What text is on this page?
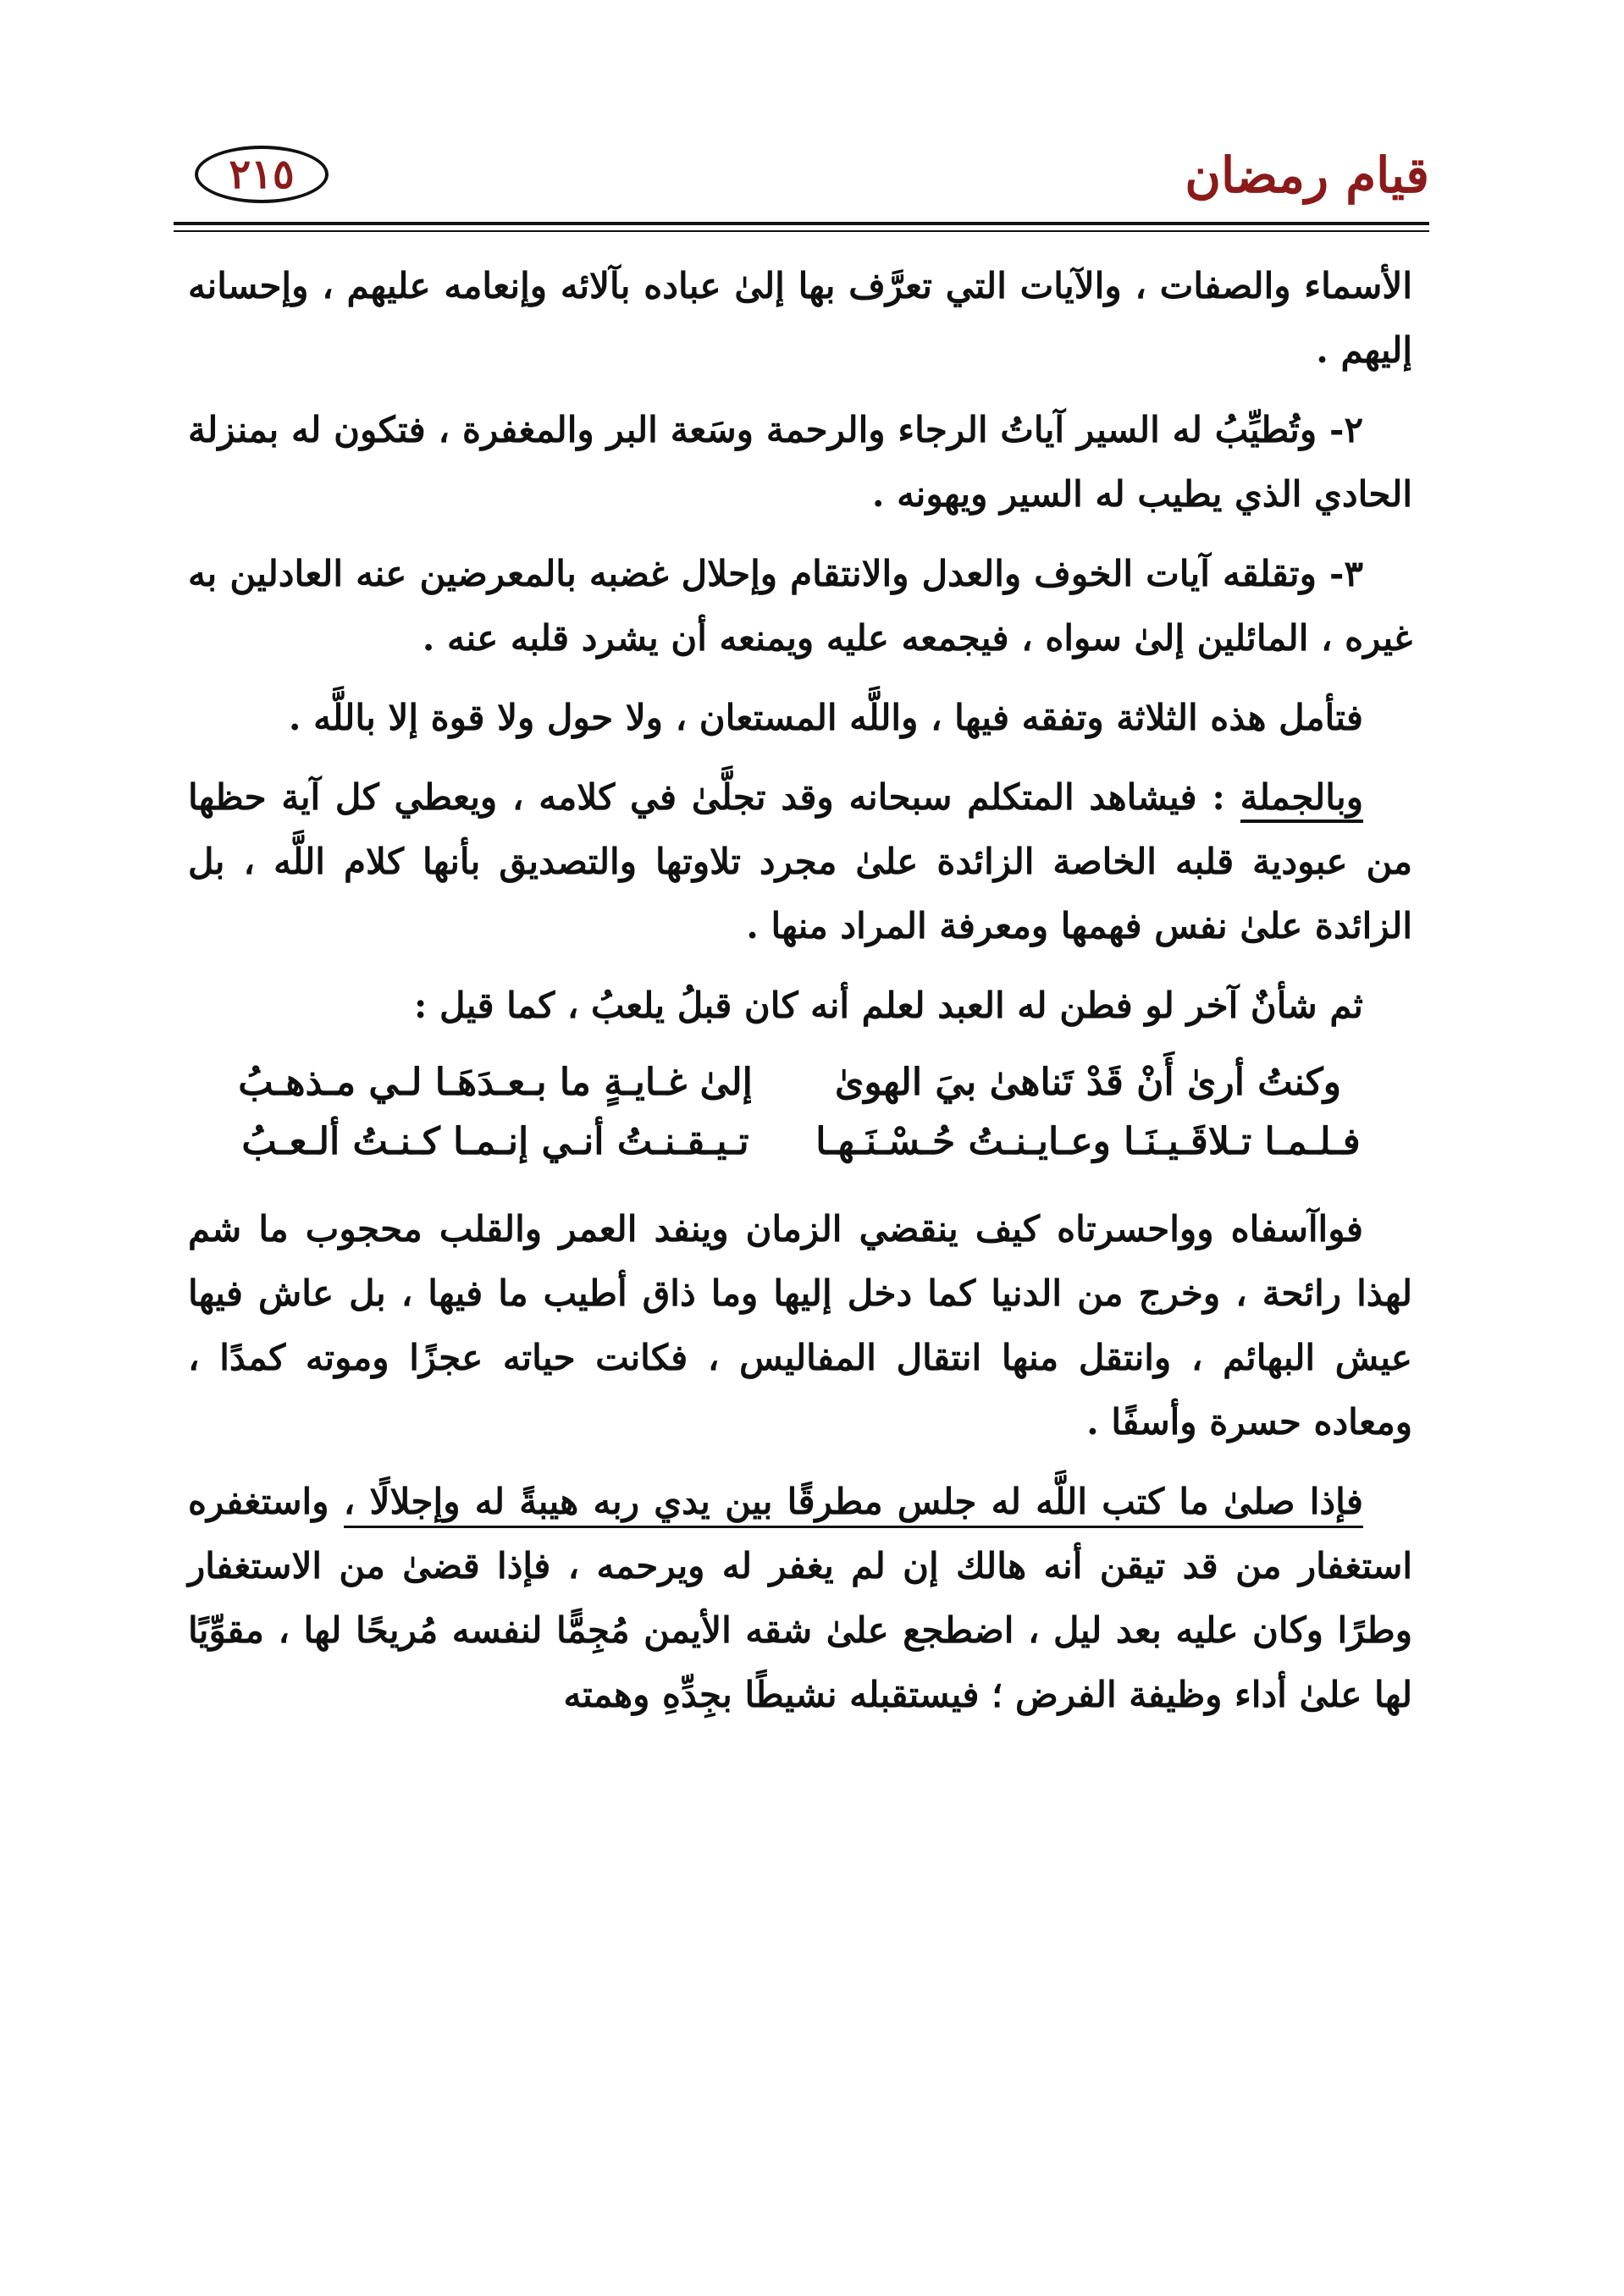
قيام رمضان
٢١٥

الأسماء والصفات ، والآيات التي تعرَّف بها إلىٰ عباده بآلائه وإنعامه عليهم ، وإحسانه إليهم .

٢- وتُطيِّبُ له السير آياتُ الرجاء والرحمة وسَعة البر والمغفرة ، فتكون له بمنزلة الحادي الذي يطيب له السير ويهونه .

٣- وتقلقه آيات الخوف والعدل والانتقام وإحلال غضبه بالمعرضين عنه العادلين به غيره ، المائلين إلىٰ سواه ، فيجمعه عليه ويمنعه أن يشرد قلبه عنه .

فتأمل هذه الثلاثة وتفقه فيها ، واللَّه المستعان ، ولا حول ولا قوة إلا باللَّه .

وبالجملة : فيشاهد المتكلم سبحانه وقد تجلَّىٰ في كلامه ، ويعطي كل آية حظها من عبودية قلبه الخاصة الزائدة علىٰ مجرد تلاوتها والتصديق بأنها كلام اللَّه ، بل الزائدة علىٰ نفس فهمها ومعرفة المراد منها .

ثم شأنٌ آخر لو فطن له العبد لعلم أنه كان قبلُ يلعبُ ، كما قيل :

وكنتُ أرىٰ أَنْ قَدْ تَناهىٰ بيَ الهوىٰ
إلىٰ غـايـةٍ ما بـعـدَهَـا لـي مـذهـبُ
فـلـمـا تـلاقَـيـنَـا وعـايـنـتُ حُـسْـنَـهـا
تـيـقـنـتُ أنـي إنـمـا كـنـتُ ألـعـبُ

فواآسفاه وواحسرتاه كيف ينقضي الزمان وينفد العمر والقلب محجوب ما شم لهذا رائحة ، وخرج من الدنيا كما دخل إليها وما ذاق أطيب ما فيها ، بل عاش فيها عيش البهائم ، وانتقل منها انتقال المفاليس ، فكانت حياته عجزًا وموته كمدًا ، ومعاده حسرة وأسفًا .

فإذا صلىٰ ما كتب اللَّه له جلس مطرقًا بين يدي ربه هيبةً له وإجلالًا ، واستغفره استغفار من قد تيقن أنه هالك إن لم يغفر له ويرحمه ، فإذا قضىٰ من الاستغفار وطرًا وكان عليه بعد ليل ، اضطجع علىٰ شقه الأيمن مُجِمًّا لنفسه مُريحًا لها ، مقوِّيًا لها علىٰ أداء وظيفة الفرض ؛ فيستقبله نشيطًا بجِدِّهِ وهمته
